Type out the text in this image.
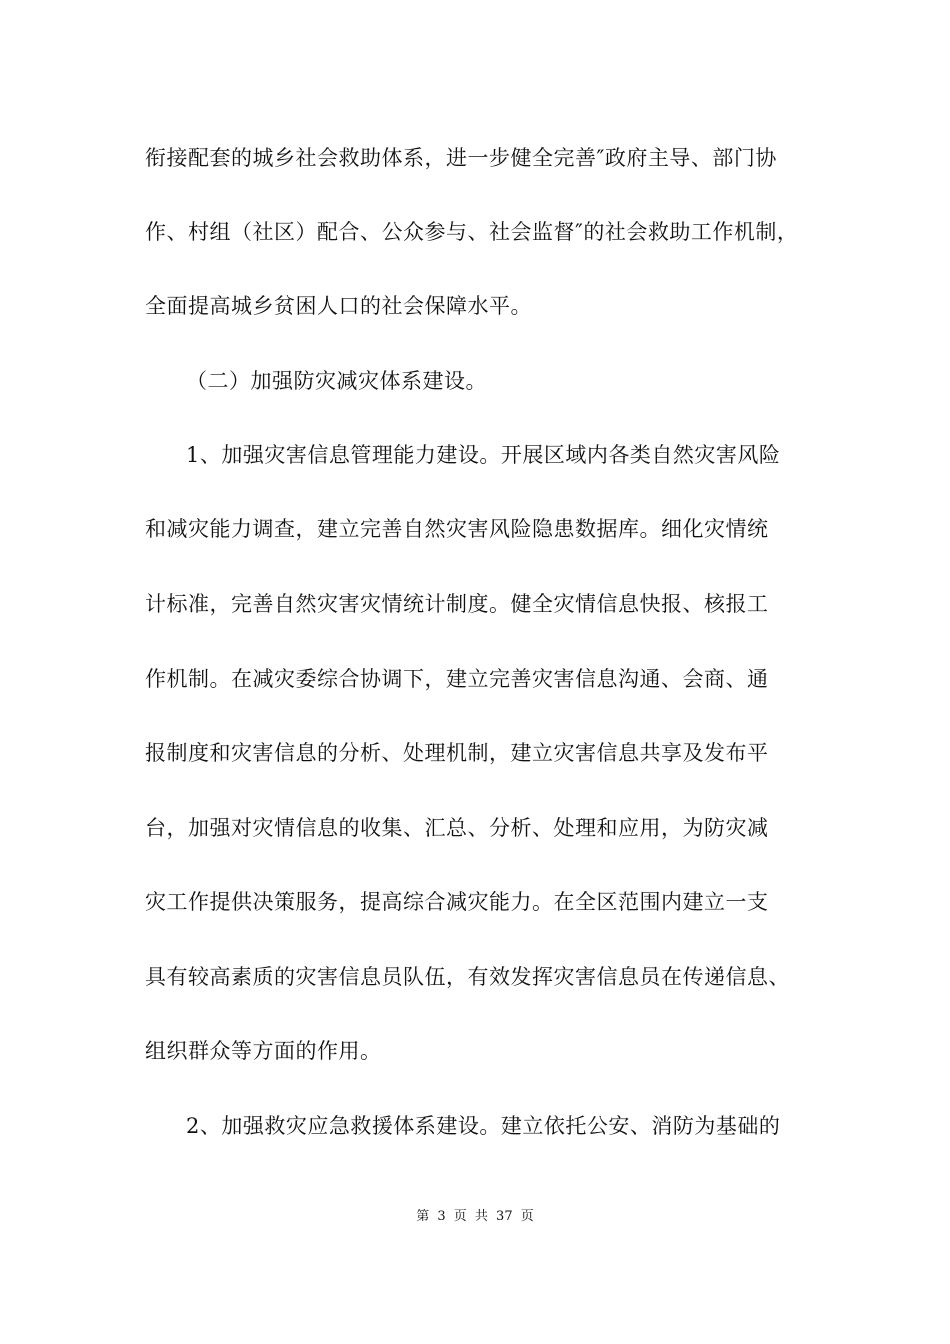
衔接配套的城乡社会救助体系，进一步健全完善″政府主导、部门协
作、村组（社区）配合、公众参与、社会监督″的社会救助工作机制，
全面提高城乡贫困人口的社会保障水平。
（二）加强防灾减灾体系建设。
1、加强灾害信息管理能力建设。开展区域内各类自然灾害风险
和减灾能力调查，建立完善自然灾害风险隐患数据库。细化灾情统
计标准，完善自然灾害灾情统计制度。健全灾情信息快报、核报工
作机制。在减灾委综合协调下，建立完善灾害信息沟通、会商、通
报制度和灾害信息的分析、处理机制，建立灾害信息共享及发布平
台，加强对灾情信息的收集、汇总、分析、处理和应用，为防灾减
灾工作提供决策服务，提高综合减灾能力。在全区范围内建立一支
具有较高素质的灾害信息员队伍，有效发挥灾害信息员在传递信息、
组织群众等方面的作用。
2、加强救灾应急救援体系建设。建立依托公安、消防为基础的
第 3 页 共 37 页
